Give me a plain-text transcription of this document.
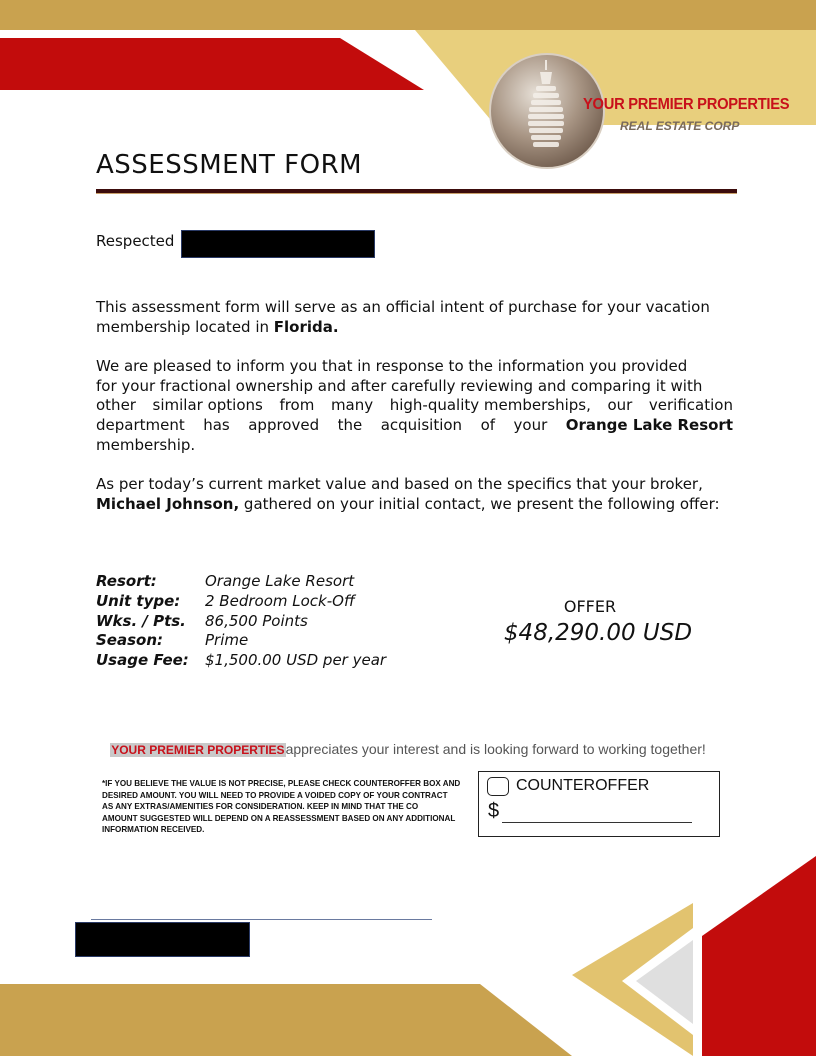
YOUR PREMIER PROPERTIES
REAL ESTATE CORP
ASSESSMENT FORM
Respected
This assessment form will serve as an official intent of purchase for your vacation membership located in Florida.
We are pleased to inform you that in response to the information you provided
for your fractional ownership and after carefully reviewing and comparing it with
other similar options from many high-quality memberships, our verification
department has approved the acquisition of your Orange Lake Resort
membership.
As per today’s current market value and based on the specifics that your broker,
Michael Johnson, gathered on your initial contact, we present the following offer:
Resort:	Orange Lake Resort
Unit type:	2 Bedroom Lock-Off
Wks. / Pts.	86,500 Points
Season:	Prime
Usage Fee:	$1,500.00 USD per year
OFFER
$48,290.00 USD
YOUR PREMIER PROPERTIESappreciates your interest and is looking forward to working together!
*IF YOU BELIEVE THE VALUE IS NOT PRECISE, PLEASE CHECK COUNTEROFFER BOX AND
DESIRED AMOUNT. YOU WILL NEED TO PROVIDE A VOIDED COPY OF YOUR CONTRACT
AS ANY EXTRAS/AMENITIES FOR CONSIDERATION. KEEP IN MIND THAT THE CO
AMOUNT SUGGESTED WILL DEPEND ON A REASSESSMENT BASED ON ANY ADDITIONAL
INFORMATION RECEIVED.
COUNTEROFFER
$
